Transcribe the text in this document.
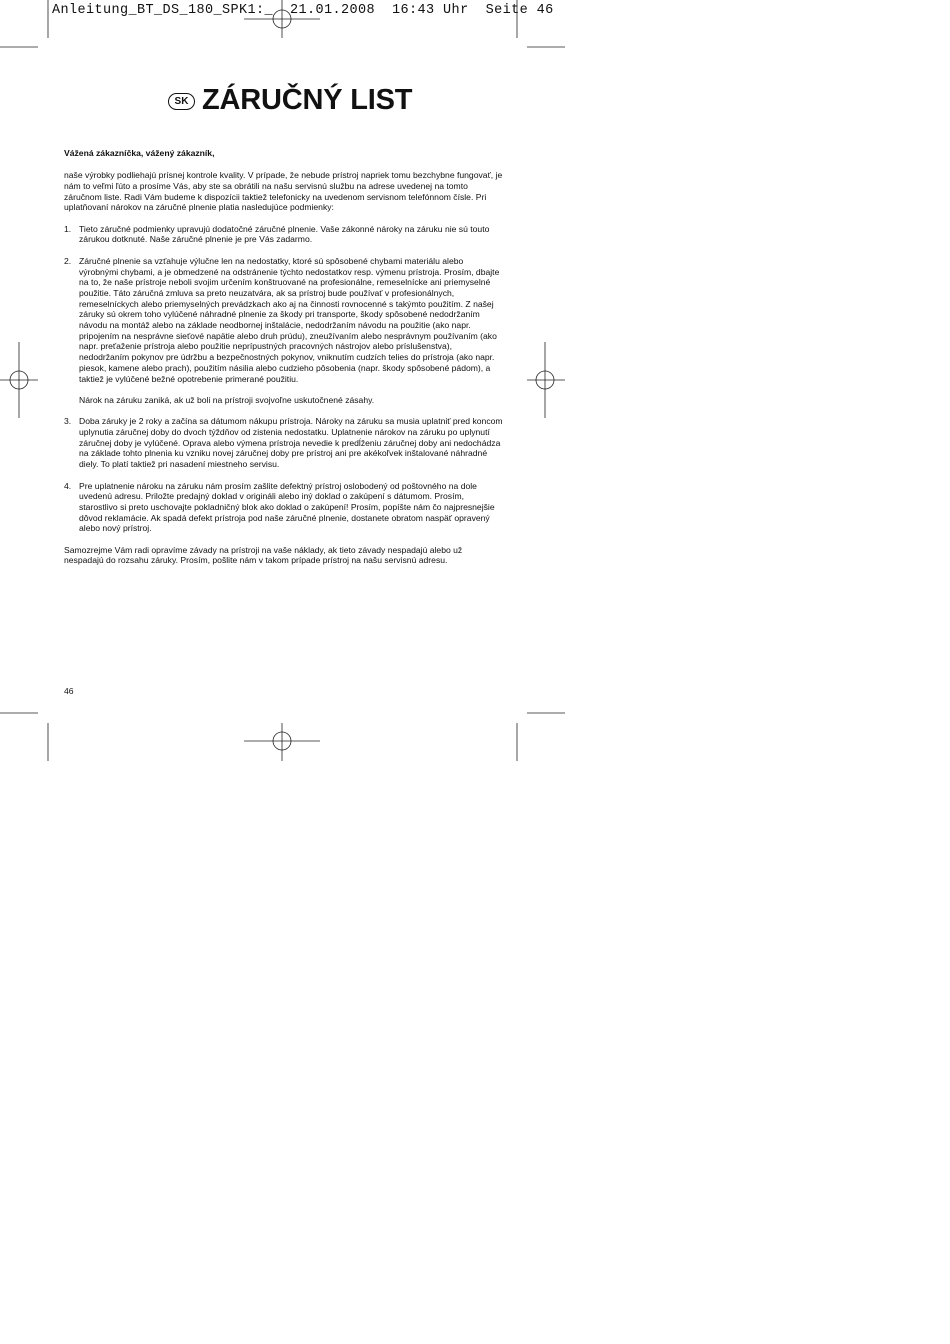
Anleitung_BT_DS_180_SPK1:_  21.01.2008  16:43 Uhr  Seite 46
SK ZÁRUČNÝ LIST

Vážená zákazníčka, vážený zákazník,

naše výrobky podliehajú prísnej kontrole kvality. V prípade, že nebude prístroj napriek tomu bezchybne fungovať, je nám to veľmi ľúto a prosíme Vás, aby ste sa obrátili na našu servisnú službu na adrese uvedenej na tomto záručnom liste. Radi Vám budeme k dispozícii taktiež telefonicky na uvedenom servisnom telefónnom čísle. Pri uplatňovaní nárokov na záručné plnenie platia nasledujúce podmienky:

1. Tieto záručné podmienky upravujú dodatočné záručné plnenie. Vaše zákonné nároky na záruku nie sú touto zárukou dotknuté. Naše záručné plnenie je pre Vás zadarmo.

2. Záručné plnenie sa vzťahuje výlučne len na nedostatky, ktoré sú spôsobené chybami materiálu alebo výrobnými chybami, a je obmedzené na odstránenie týchto nedostatkov resp. výmenu prístroja. Prosím, dbajte na to, že naše prístroje neboli svojim určením konštruované na profesionálne, remeselnícke ani priemyselné použitie. Táto záručná zmluva sa preto neuzatvára, ak sa prístroj bude používať v profesionálnych, remeselníckych alebo priemyselných prevádzkach ako aj na činnosti rovnocenné s takýmto použitím. Z našej záruky sú okrem toho vylúčené náhradné plnenie za škody pri transporte, škody spôsobené nedodržaním návodu na montáž alebo na základe neodbornej inštalácie, nedodržaním návodu na použitie (ako napr. pripojením na nesprávne sieťové napätie alebo druh prúdu), zneužívaním alebo nesprávnym používaním (ako napr. preťaženie prístroja alebo použitie neprípustných pracovných nástrojov alebo príslušenstva), nedodržaním pokynov pre údržbu a bezpečnostných pokynov, vniknutím cudzích telies do prístroja (ako napr. piesok, kamene alebo prach), použitím násilia alebo cudzieho pôsobenia (napr. škody spôsobené pádom), a taktiež je vylúčené bežné opotrebenie primerané použitiu.

Nárok na záruku zaniká, ak už boli na prístroji svojvoľne uskutočnené zásahy.

3. Doba záruky je 2 roky a začína sa dátumom nákupu prístroja. Nároky na záruku sa musia uplatniť pred koncom uplynutia záručnej doby do dvoch týždňov od zistenia nedostatku. Uplatnenie nárokov na záruku po uplynutí záručnej doby je vylúčené. Oprava alebo výmena prístroja nevedie k predĺženiu záručnej doby ani nedochádza na základe tohto plnenia ku vzniku novej záručnej doby pre prístroj ani pre akékoľvek inštalované náhradné diely. To platí taktiež pri nasadení miestneho servisu.

4. Pre uplatnenie nároku na záruku nám prosím zašlite defektný prístroj oslobodený od poštovného na dole uvedenú adresu. Priložte predajný doklad v origináli alebo iný doklad o zakúpení s dátumom. Prosím, starostlivo si preto uschovajte pokladničný blok ako doklad o zakúpení! Prosím, popíšte nám čo najpresnejšie dôvod reklamácie. Ak spadá defekt prístroja pod naše záručné plnenie, dostanete obratom naspäť opravený alebo nový prístroj.

Samozrejme Vám radi opravíme závady na prístroji na vaše náklady, ak tieto závady nespadajú alebo už nespadajú do rozsahu záruky. Prosím, pošlite nám v takom prípade prístroj na našu servisnú adresu.

46
